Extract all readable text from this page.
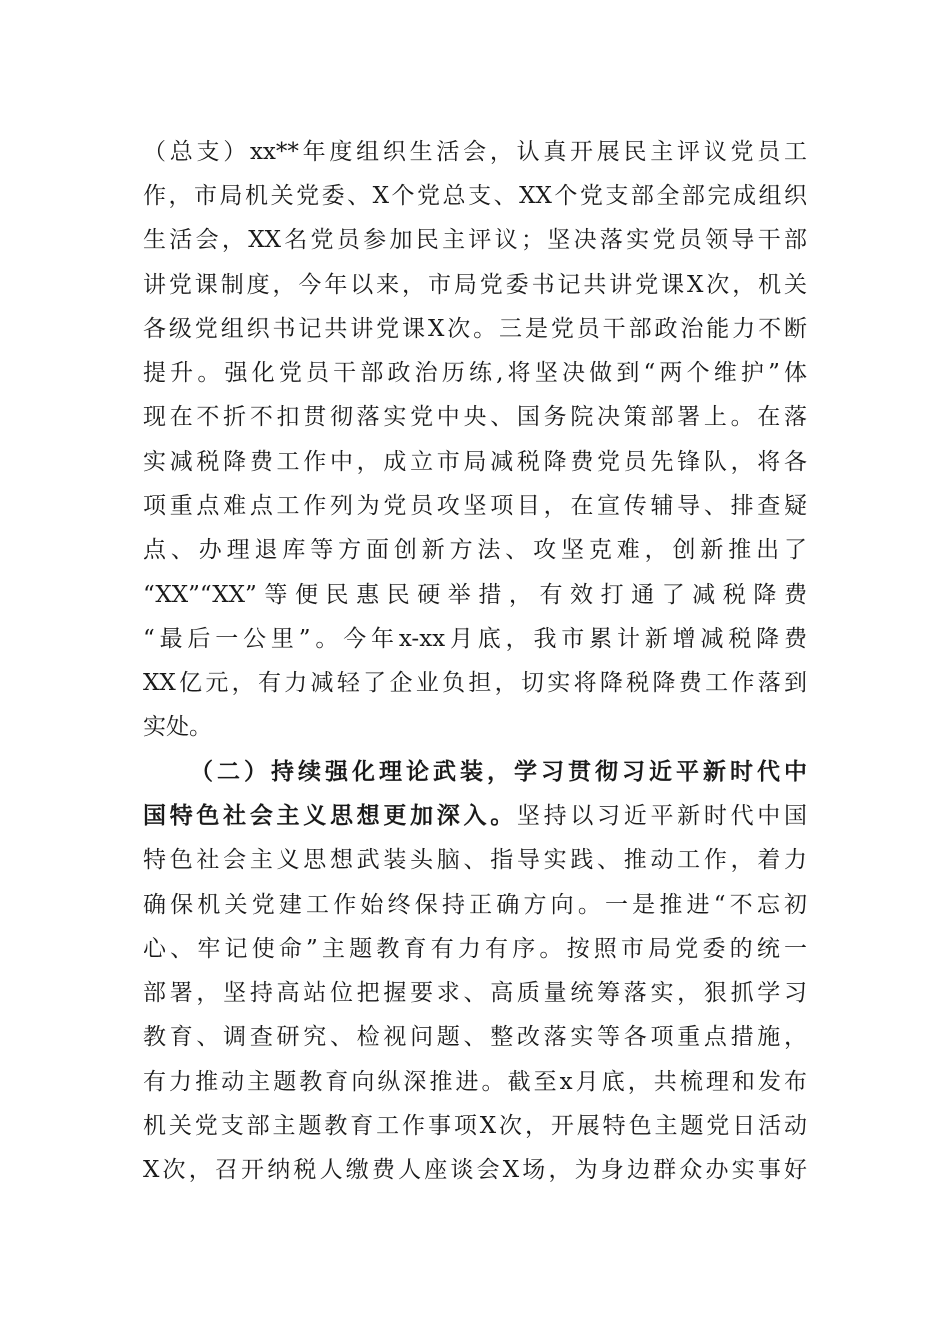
（总支）xx**年度组织生活会，认真开展民主评议党员工
作，市局机关党委、X个党总支、XX个党支部全部完成组织
生活会，XX名党员参加民主评议；坚决落实党员领导干部
讲党课制度，今年以来，市局党委书记共讲党课X次，机关
各级党组织书记共讲党课X次。三是党员干部政治能力不断
提升。强化党员干部政治历练,将坚决做到“两个维护”体
现在不折不扣贯彻落实党中央、国务院决策部署上。在落
实减税降费工作中，成立市局减税降费党员先锋队，将各
项重点难点工作列为党员攻坚项目，在宣传辅导、排查疑
点、办理退库等方面创新方法、攻坚克难，创新推出了
“XX”“XX”等便民惠民硬举措，有效打通了减税降费
“最后一公里”。今年x-xx月底，我市累计新增减税降费
XX亿元，有力减轻了企业负担，切实将降税降费工作落到
实处。
（二）持续强化理论武装，学习贯彻习近平新时代中
国特色社会主义思想更加深入。坚持以习近平新时代中国
特色社会主义思想武装头脑、指导实践、推动工作，着力
确保机关党建工作始终保持正确方向。一是推进“不忘初
心、牢记使命”主题教育有力有序。按照市局党委的统一
部署，坚持高站位把握要求、高质量统筹落实，狠抓学习
教育、调查研究、检视问题、整改落实等各项重点措施，
有力推动主题教育向纵深推进。截至x月底，共梳理和发布
机关党支部主题教育工作事项X次，开展特色主题党日活动
X次，召开纳税人缴费人座谈会X场，为身边群众办实事好
